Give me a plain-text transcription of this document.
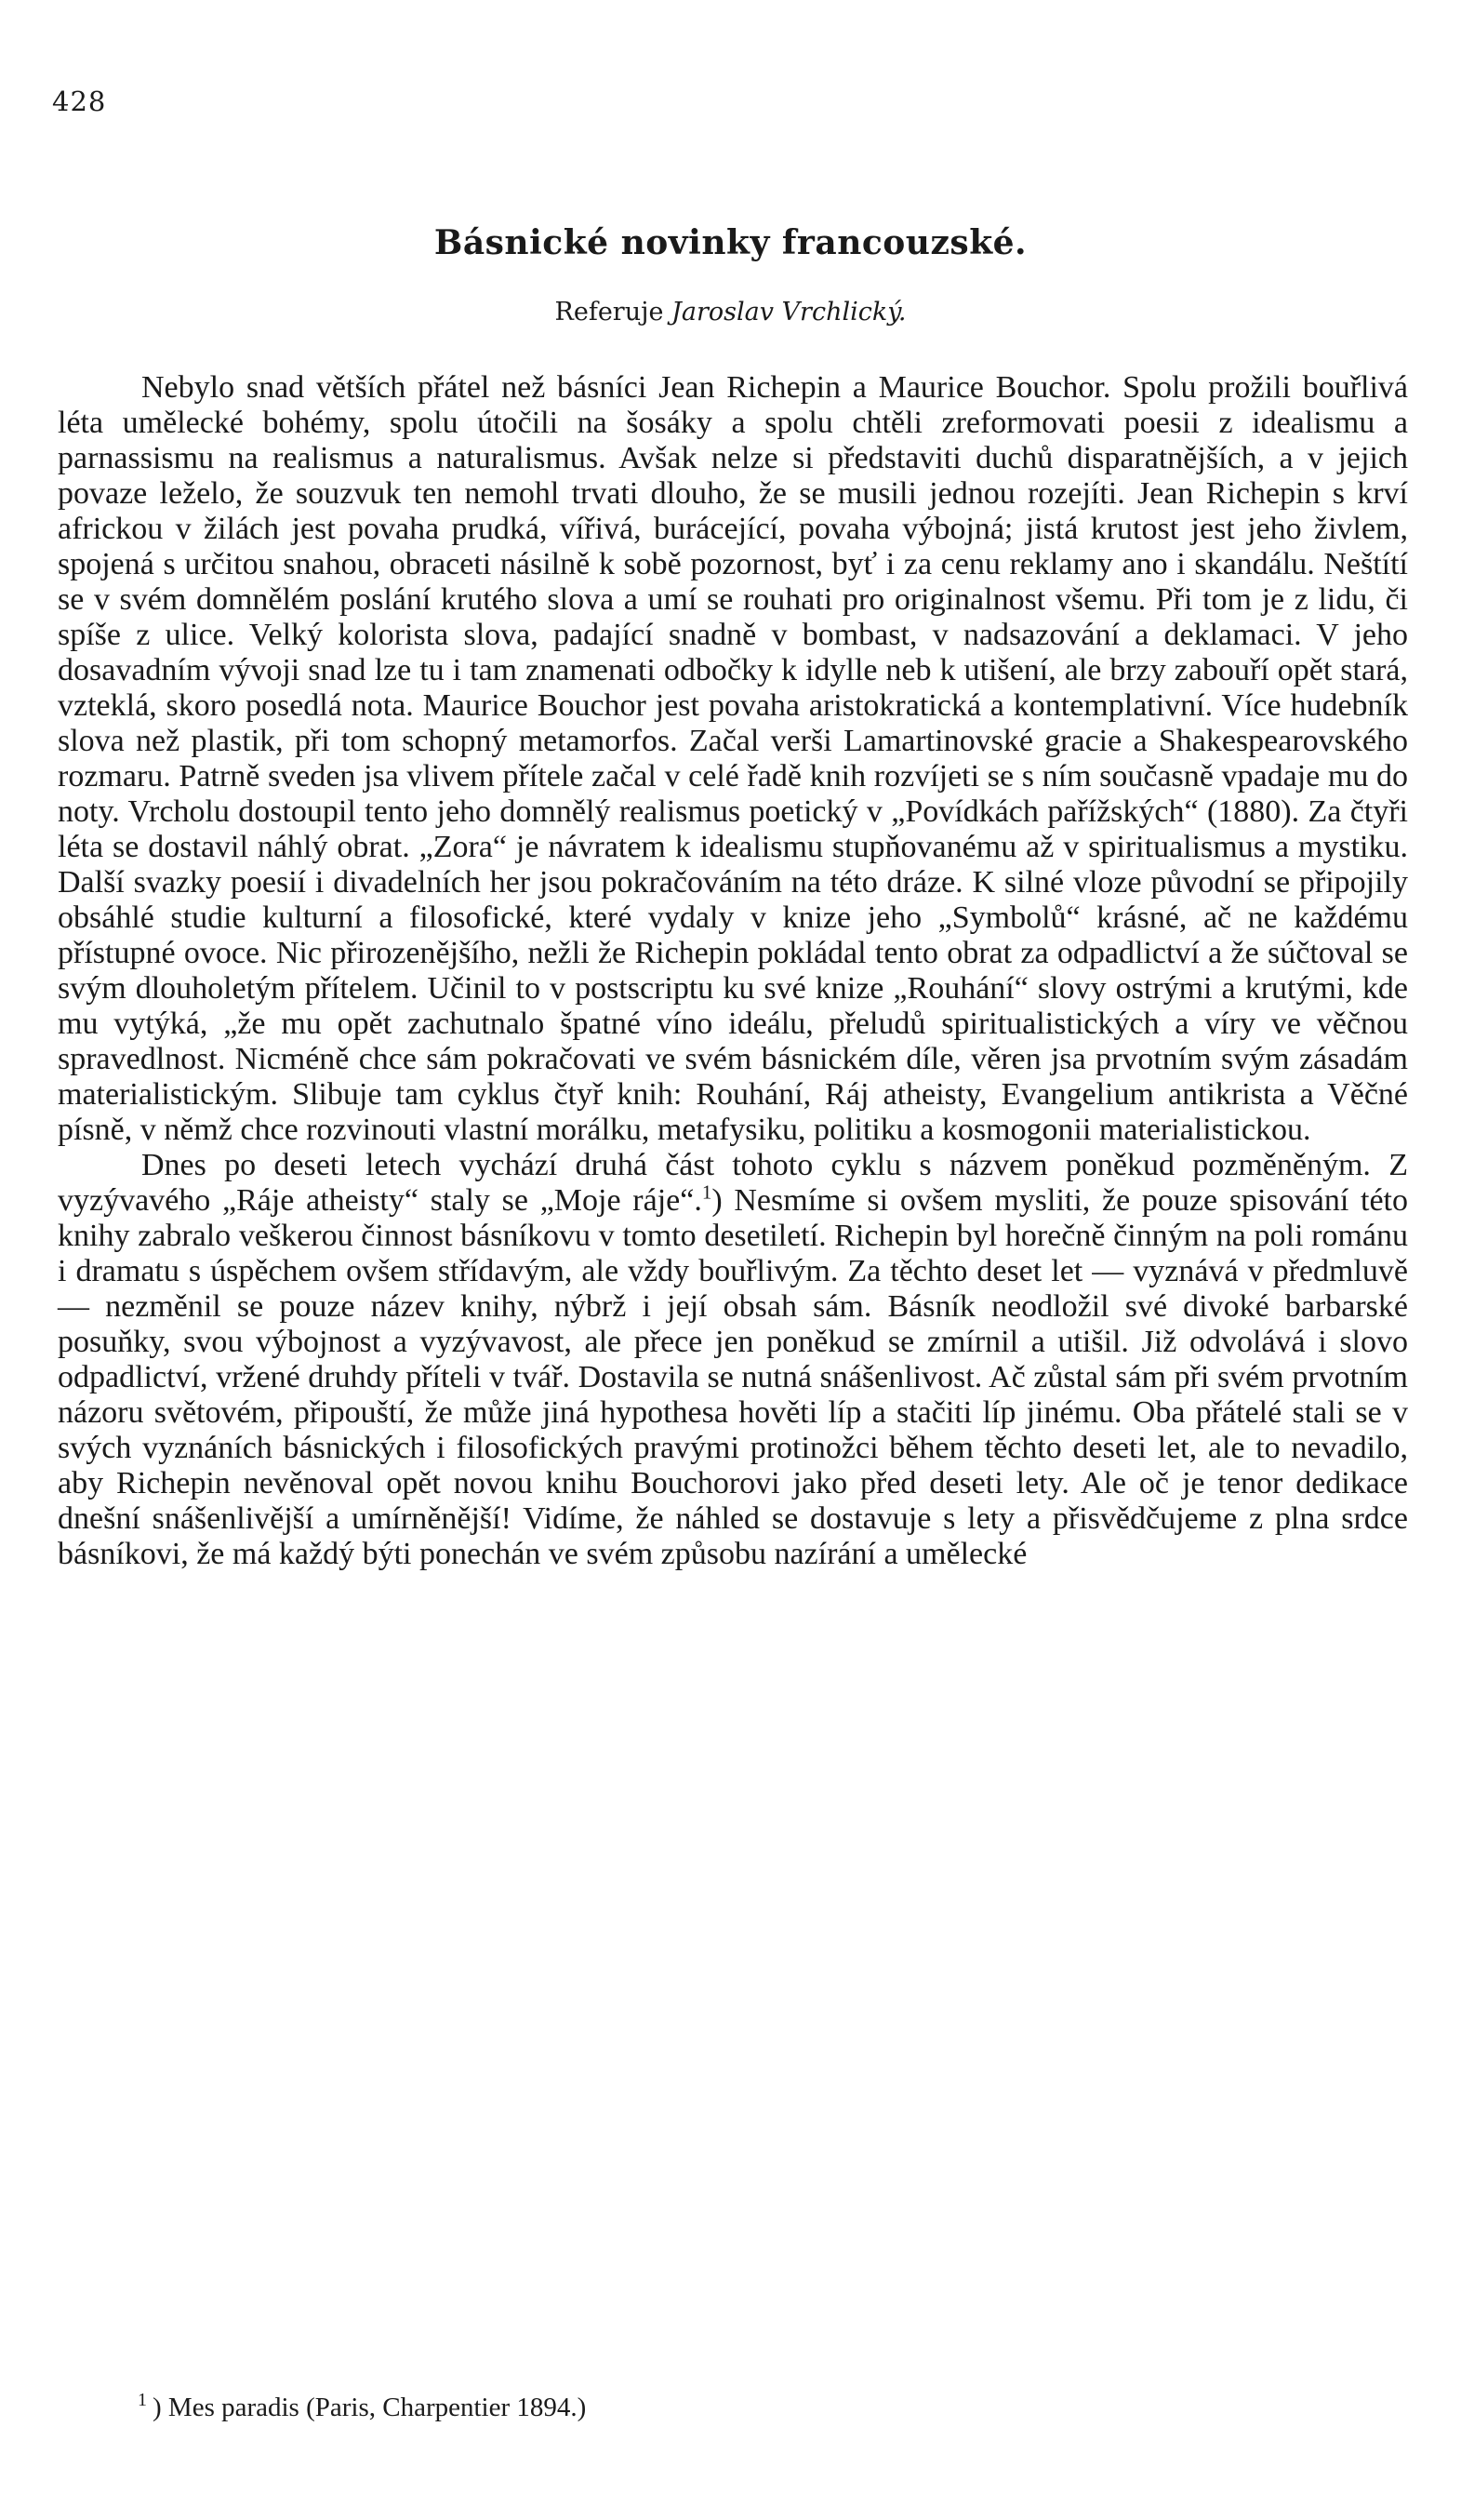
428
Básnické novinky francouzské.
Referuje Jaroslav Vrchlický.

Nebylo snad větších přátel než básníci Jean Richepin a Maurice Bouchor. Spolu prožili bouřlivá léta umělecké bohémy, spolu útočili na šosáky a spolu chtěli zreformovati poesii z idealismu a parnassismu na realismus a naturalismus. Avšak nelze si představiti duchů disparatnějších, a v jejich povaze leželo, že souzvuk ten nemohl trvati dlouho, že se musili jednou rozejíti. Jean Richepin s krví africkou v žilách jest povaha prudká, vířivá, burácející, povaha výbojná; jistá krutost jest jeho živlem, spojená s určitou snahou, obraceti násilně k sobě pozornost, byť i za cenu reklamy ano i skandálu. Neštítí se v svém domnělém poslání krutého slova a umí se rouhati pro originalnost všemu. Při tom je z lidu, či spíše z ulice. Velký kolorista slova, padající snadně v bombast, v nadsazování a deklamaci. V jeho dosavadním vývoji snad lze tu i tam znamenati odbočky k idylle neb k utišení, ale brzy zabouří opět stará, vzteklá, skoro posedlá nota. Maurice Bouchor jest povaha aristokratická a kontemplativní. Více hudebník slova než plastik, při tom schopný metamorfos. Začal verši Lamartinovské gracie a Shakespearovského rozmaru. Patrně sveden jsa vlivem přítele začal v celé řadě knih rozvíjeti se s ním současně vpadaje mu do noty. Vrcholu dostoupil tento jeho domnělý realismus poetický v „Povídkách pařížských“ (1880). Za čtyři léta se dostavil náhlý obrat. „Zora“ je návratem k idealismu stupňovanému až v spiritualismus a mystiku. Další svazky poesií i divadelních her jsou pokračováním na této dráze. K silné vloze původní se připojily obsáhlé studie kulturní a filosofické, které vydaly v knize jeho „Symbolů“ krásné, ač ne každému přístupné ovoce. Nic přirozenějšího, nežli že Richepin pokládal tento obrat za odpadlictví a že súčtoval se svým dlouholetým přítelem. Učinil to v postscriptu ku své knize „Rouhání“ slovy ostrými a krutými, kde mu vytýká, „že mu opět zachutnalo špatné víno ideálu, přeludů spiritualistických a víry ve věčnou spravedlnost. Nicméně chce sám pokračovati ve svém básnickém díle, věren jsa prvotním svým zásadám materialistickým. Slibuje tam cyklus čtyř knih: Rouhání, Ráj atheisty, Evangelium antikrista a Věčné písně, v němž chce rozvinouti vlastní morálku, metafysiku, politiku a kosmogonii materialistickou.

Dnes po deseti letech vychází druhá část tohoto cyklu s názvem poněkud pozměněným. Z vyzývavého „Ráje atheisty“ staly se „Moje ráje“.$^1$) Nesmíme si ovšem mysliti, že pouze spisování této knihy zabralo veškerou činnost básníkovu v tomto desetiletí. Richepin byl horečně činným na poli románu i dramatu s úspěchem ovšem střídavým, ale vždy bouřlivým. Za těchto deset let — vyznává v předmluvě — nezměnil se pouze název knihy, nýbrž i její obsah sám. Básník neodložil své divoké barbarské posuňky, svou výbojnost a vyzývavost, ale přece jen poněkud se zmírnil a utišil. Již odvolává i slovo odpadlictví, vržené druhdy příteli v tvář. Dostavila se nutná snášenlivost. Ač zůstal sám při svém prvotním názoru světovém, připouští, že může jiná hypothesa hověti líp a stačiti líp jinému. Oba přátelé stali se v svých vyznáních básnických i filosofických pravými protinožci během těchto deseti let, ale to nevadilo, aby Richepin nevěnoval opět novou knihu Bouchorovi jako před deseti lety. Ale oč je tenor dedikace dnešní snášenlivější a umírněnější! Vidíme, že náhled se dostavuje s lety a přisvědčujeme z plna srdce básníkovi, že má každý býti ponechán ve svém způsobu nazírání a umělecké

$^1$ ) Mes paradis (Paris, Charpentier 1894.)
